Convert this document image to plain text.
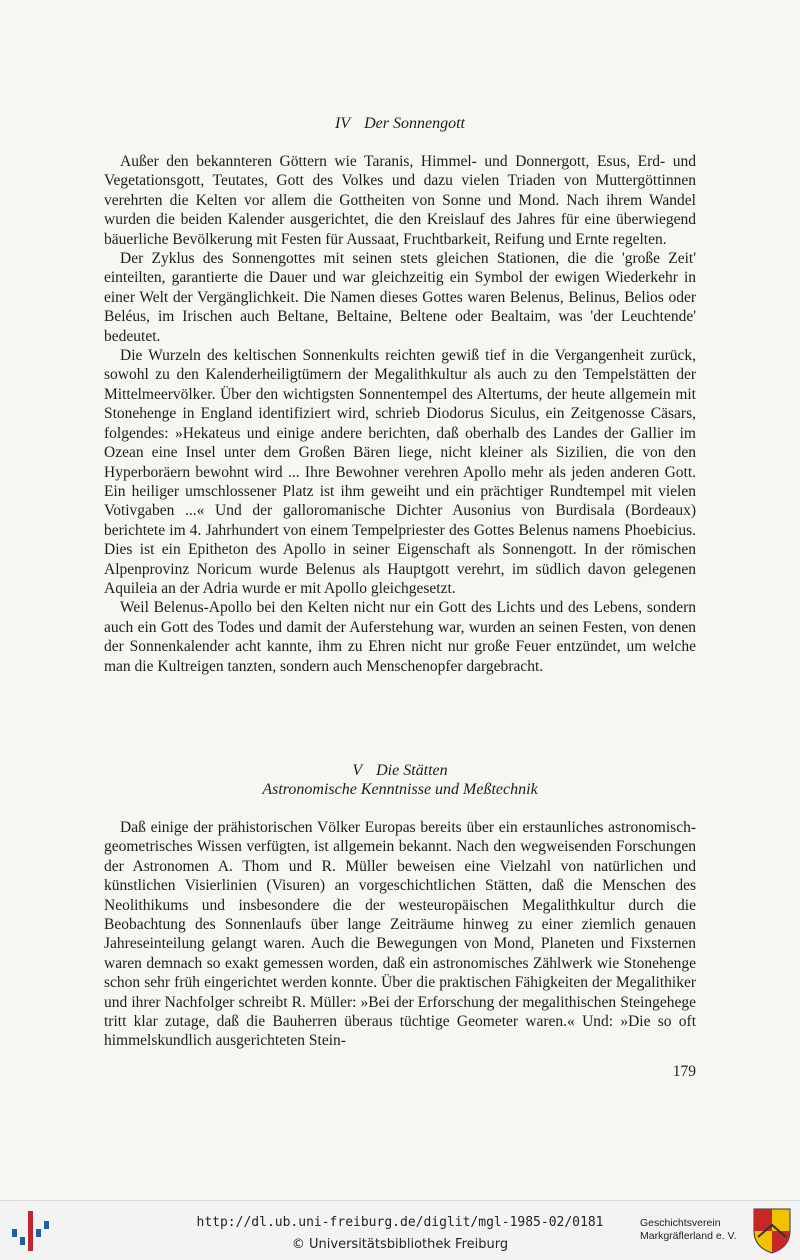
IV Der Sonnengott

Außer den bekannteren Göttern wie Taranis, Himmel- und Donnergott, Esus, Erd- und Vegetationsgott, Teutates, Gott des Volkes und dazu vielen Triaden von Muttergöttinnen verehrten die Kelten vor allem die Gottheiten von Sonne und Mond. Nach ihrem Wandel wurden die beiden Kalender ausgerichtet, die den Kreislauf des Jahres für eine überwiegend bäuerliche Bevölkerung mit Festen für Aussaat, Fruchtbarkeit, Reifung und Ernte regelten.

Der Zyklus des Sonnengottes mit seinen stets gleichen Stationen, die die 'große Zeit' einteilten, garantierte die Dauer und war gleichzeitig ein Symbol der ewigen Wiederkehr in einer Welt der Vergänglichkeit. Die Namen dieses Gottes waren Belenus, Belinus, Belios oder Beléus, im Irischen auch Beltane, Beltaine, Beltene oder Bealtaim, was 'der Leuchtende' bedeutet.

Die Wurzeln des keltischen Sonnenkults reichten gewiß tief in die Vergangenheit zurück, sowohl zu den Kalenderheiligtümern der Megalithkultur als auch zu den Tempelstätten der Mittelmeervölker. Über den wichtigsten Sonnentempel des Altertums, der heute allgemein mit Stonehenge in England identifiziert wird, schrieb Diodorus Siculus, ein Zeitgenosse Cäsars, folgendes: »Hekateus und einige andere berichten, daß oberhalb des Landes der Gallier im Ozean eine Insel unter dem Großen Bären liege, nicht kleiner als Sizilien, die von den Hyperboräern bewohnt wird ... Ihre Bewohner verehren Apollo mehr als jeden anderen Gott. Ein heiliger umschlossener Platz ist ihm geweiht und ein prächtiger Rundtempel mit vielen Votivgaben ...« Und der galloromanische Dichter Ausonius von Burdisala (Bordeaux) berichtete im 4. Jahrhundert von einem Tempelpriester des Gottes Belenus namens Phoebicius. Dies ist ein Epitheton des Apollo in seiner Eigenschaft als Sonnengott. In der römischen Alpenprovinz Noricum wurde Belenus als Hauptgott verehrt, im südlich davon gelegenen Aquileia an der Adria wurde er mit Apollo gleichgesetzt.

Weil Belenus-Apollo bei den Kelten nicht nur ein Gott des Lichts und des Lebens, sondern auch ein Gott des Todes und damit der Auferstehung war, wurden an seinen Festen, von denen der Sonnenkalender acht kannte, ihm zu Ehren nicht nur große Feuer entzündet, um welche man die Kultreigen tanzten, sondern auch Menschenopfer dargebracht.

V Die Stätten
Astronomische Kenntnisse und Meßtechnik

Daß einige der prähistorischen Völker Europas bereits über ein erstaunliches astronomisch-geometrisches Wissen verfügten, ist allgemein bekannt. Nach den wegweisenden Forschungen der Astronomen A. Thom und R. Müller beweisen eine Vielzahl von natürlichen und künstlichen Visierlinien (Visuren) an vorgeschichtlichen Stätten, daß die Menschen des Neolithikums und insbesondere die der westeuropäischen Megalithkultur durch die Beobachtung des Sonnenlaufs über lange Zeiträume hinweg zu einer ziemlich genauen Jahreseinteilung gelangt waren. Auch die Bewegungen von Mond, Planeten und Fixsternen waren demnach so exakt gemessen worden, daß ein astronomisches Zählwerk wie Stonehenge schon sehr früh eingerichtet werden konnte. Über die praktischen Fähigkeiten der Megalithiker und ihrer Nachfolger schreibt R. Müller: »Bei der Erforschung der megalithischen Steingehege tritt klar zutage, daß die Bauherren überaus tüchtige Geometer waren.« Und: »Die so oft himmelskundlich ausgerichteten Stein-

179
http://dl.ub.uni-freiburg.de/diglit/mgl-1985-02/0181
© Universitätsbibliothek Freiburg
Geschichtsverein
Markgräflerland e. V.
